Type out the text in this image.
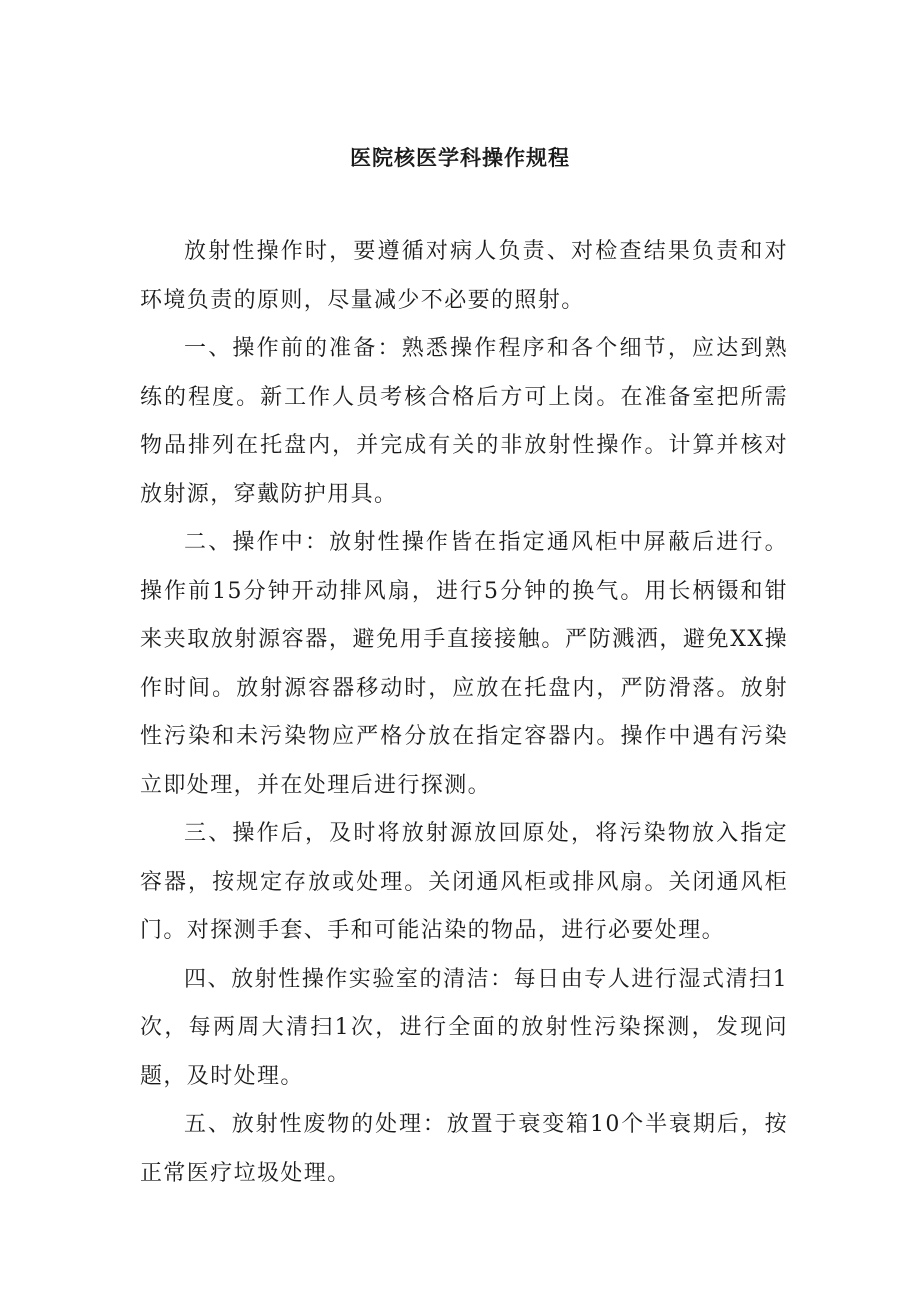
医院核医学科操作规程

放射性操作时，要遵循对病人负责、对检查结果负责和对环境负责的原则，尽量减少不必要的照射。

一、操作前的准备：熟悉操作程序和各个细节，应达到熟练的程度。新工作人员考核合格后方可上岗。在准备室把所需物品排列在托盘内，并完成有关的非放射性操作。计算并核对放射源，穿戴防护用具。

二、操作中：放射性操作皆在指定通风柜中屏蔽后进行。操作前15分钟开动排风扇，进行5分钟的换气。用长柄镊和钳来夹取放射源容器，避免用手直接接触。严防溅洒，避免XX操作时间。放射源容器移动时，应放在托盘内，严防滑落。放射性污染和未污染物应严格分放在指定容器内。操作中遇有污染立即处理，并在处理后进行探测。

三、操作后，及时将放射源放回原处，将污染物放入指定容器，按规定存放或处理。关闭通风柜或排风扇。关闭通风柜门。对探测手套、手和可能沾染的物品，进行必要处理。

四、放射性操作实验室的清洁：每日由专人进行湿式清扫1次，每两周大清扫1次，进行全面的放射性污染探测，发现问题，及时处理。

五、放射性废物的处理：放置于衰变箱10个半衰期后，按正常医疗垃圾处理。
